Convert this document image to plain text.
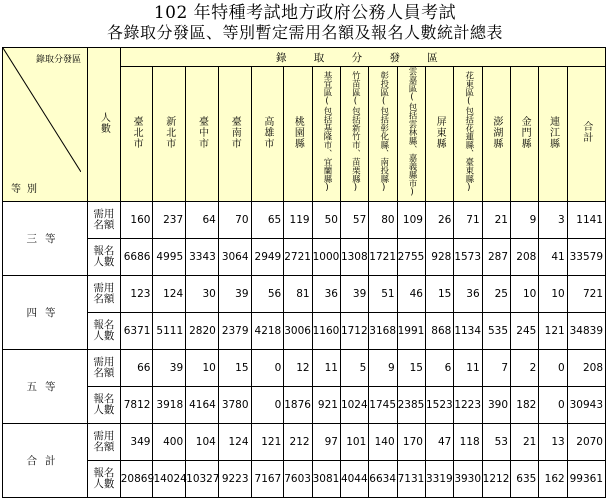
102 年特種考試地方政府公務人員考試
各錄取分發區、等別暫定需用名額及報名人數統計總表
錄取分發區
等別	人數	錄 取 分 發 區															
		臺北市	新北市	臺中市	臺南市	高雄市	桃園縣	基宜區(包括基隆市、宜蘭縣)	竹苗區(包括新竹市、苗栗縣)	彰投區(包括彰化縣、南投縣)	雲嘉區(包括雲林縣、嘉義縣市)	屏東縣	花東區(包括花蓮縣、臺東縣)	澎湖縣	金門縣	連江縣	合計
三等	需用
名額	160	237	64	70	65	119	50	57	80	109	26	71	21	9	3	1141

	報名
人數	6686	4995	3343	3064	2949	2721	1000	1308	1721	2755	928	1573	287	208	41	33579
四等	需用
名額	123	124	30	39	56	81	36	39	51	46	15	36	25	10	10	721

	報名
人數	6371	5111	2820	2379	4218	3006	1160	1712	3168	1991	868	1134	535	245	121	34839
五等	需用
名額	66	39	10	15	0	12	11	5	9	15	6	11	7	2	0	208

	報名
人數	7812	3918	4164	3780	0	1876	921	1024	1745	2385	1523	1223	390	182	0	30943
合計	需用
名額	349	400	104	124	121	212	97	101	140	170	47	118	53	21	13	2070

	報名
人數	20869	14024	10327	9223	7167	7603	3081	4044	6634	7131	3319	3930	1212	635	162	99361
